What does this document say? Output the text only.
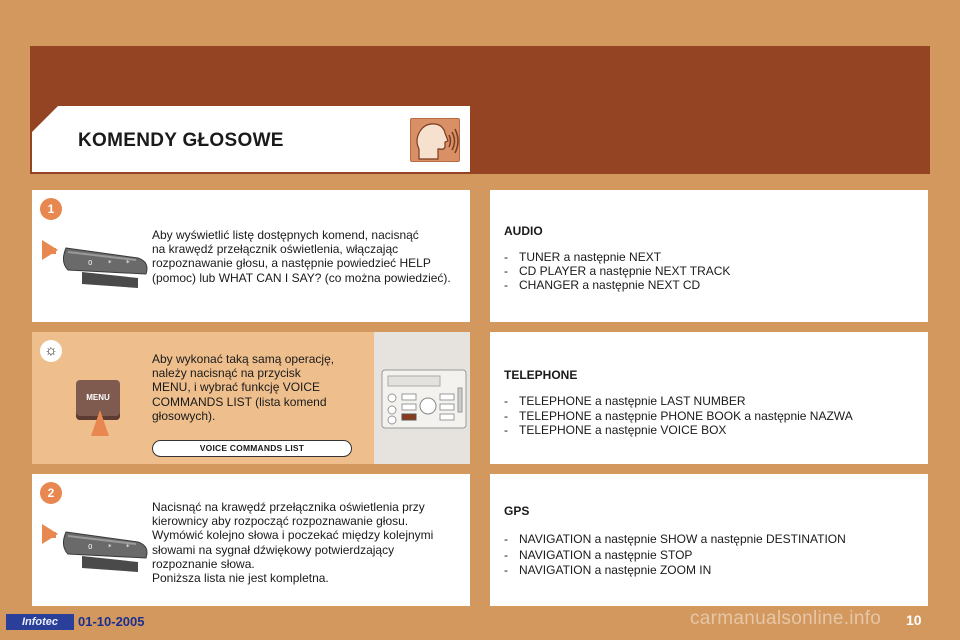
KOMENDY GŁOSOWE
1
0 * *
Aby wyświetlić listę dostępnych komend, nacisnąć
na krawędź przełącznik oświetlenia, włączając
rozpoznawanie głosu, a następnie powiedzieć HELP
(pomoc) lub WHAT CAN I SAY? (co można powiedzieć).
☼
MENU
Aby wykonać taką samą operację,
należy nacisnąć na przycisk
MENU, i wybrać funkcję VOICE
COMMANDS LIST (lista komend
głosowych).
VOICE COMMANDS LIST
2
0 * *
Nacisnąć na krawędź przełącznika oświetlenia przy
kierownicy aby rozpocząć rozpoznawanie głosu.
Wymówić kolejno słowa i poczekać między kolejnymi
słowami na sygnał dźwiękowy potwierdzający
rozpoznanie słowa.
Poniższa lista nie jest kompletna.
AUDIO
- TUNER a następnie NEXT
- CD PLAYER a następnie NEXT TRACK
- CHANGER a następnie NEXT CD
TELEPHONE
- TELEPHONE a następnie LAST NUMBER
- TELEPHONE a następnie PHONE BOOK a następnie NAZWA
- TELEPHONE a następnie VOICE BOX
GPS
- NAVIGATION a następnie SHOW a następnie DESTINATION
- NAVIGATION a następnie STOP
- NAVIGATION a następnie ZOOM IN
Infotec	01-10-2005	carmanualsonline.info 10
